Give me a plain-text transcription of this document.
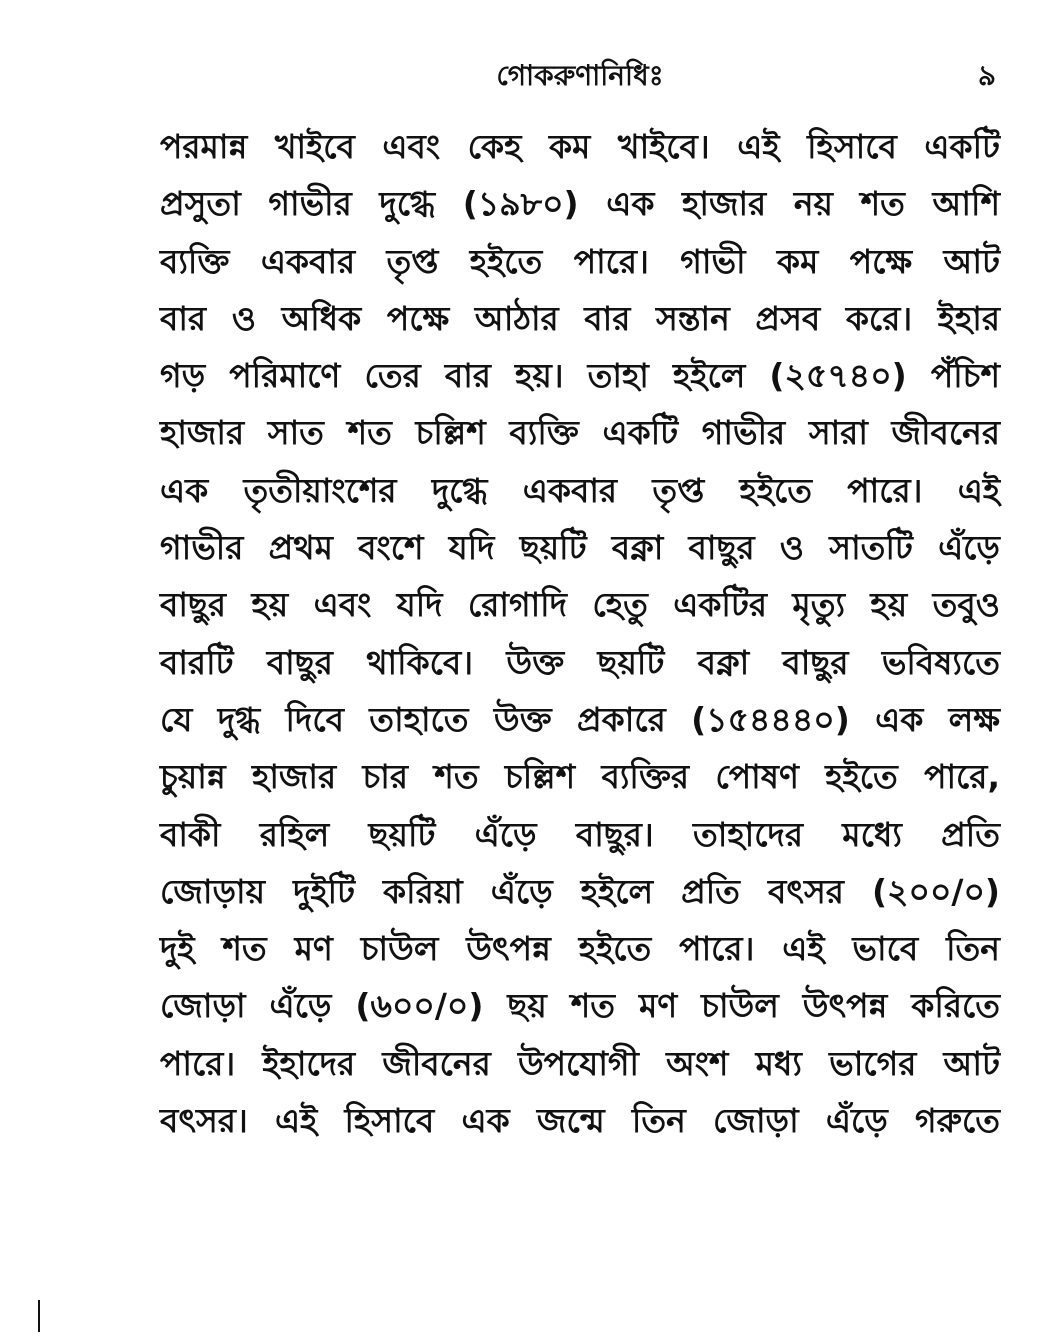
গোকরুণানিধিঃ	৯
পরমান্ন খাইবে এবং কেহ কম খাইবে। এই হিসাবে একটি
প্রসুতা গাভীর দুগ্ধে (১৯৮০) এক হাজার নয় শত আশি
ব্যক্তি একবার তৃপ্ত হইতে পারে। গাভী কম পক্ষে আট
বার ও অধিক পক্ষে আঠার বার সন্তান প্রসব করে। ইহার
গড় পরিমাণে তের বার হয়। তাহা হইলে (২৫৭৪০) পঁচিশ
হাজার সাত শত চল্লিশ ব্যক্তি একটি গাভীর সারা জীবনের
এক তৃতীয়াংশের দুগ্ধে একবার তৃপ্ত হইতে পারে। এই
গাভীর প্রথম বংশে যদি ছয়টি বক্না বাছুর ও সাতটি এঁড়ে
বাছুর হয় এবং যদি রোগাদি হেতু একটির মৃত্যু হয় তবুও
বারটি বাছুর থাকিবে। উক্ত ছয়টি বক্না বাছুর ভবিষ্যতে
যে দুগ্ধ দিবে তাহাতে উক্ত প্রকারে (১৫৪৪৪০) এক লক্ষ
চুয়ান্ন হাজার চার শত চল্লিশ ব্যক্তির পোষণ হইতে পারে,
বাকী রহিল ছয়টি এঁড়ে বাছুর। তাহাদের মধ্যে প্রতি
জোড়ায় দুইটি করিয়া এঁড়ে হইলে প্রতি বৎসর (২০০/০)
দুই শত মণ চাউল উৎপন্ন হইতে পারে। এই ভাবে তিন
জোড়া এঁড়ে (৬০০/০) ছয় শত মণ চাউল উৎপন্ন করিতে
পারে। ইহাদের জীবনের উপযোগী অংশ মধ্য ভাগের আট
বৎসর। এই হিসাবে এক জন্মে তিন জোড়া এঁড়ে গরুতে
